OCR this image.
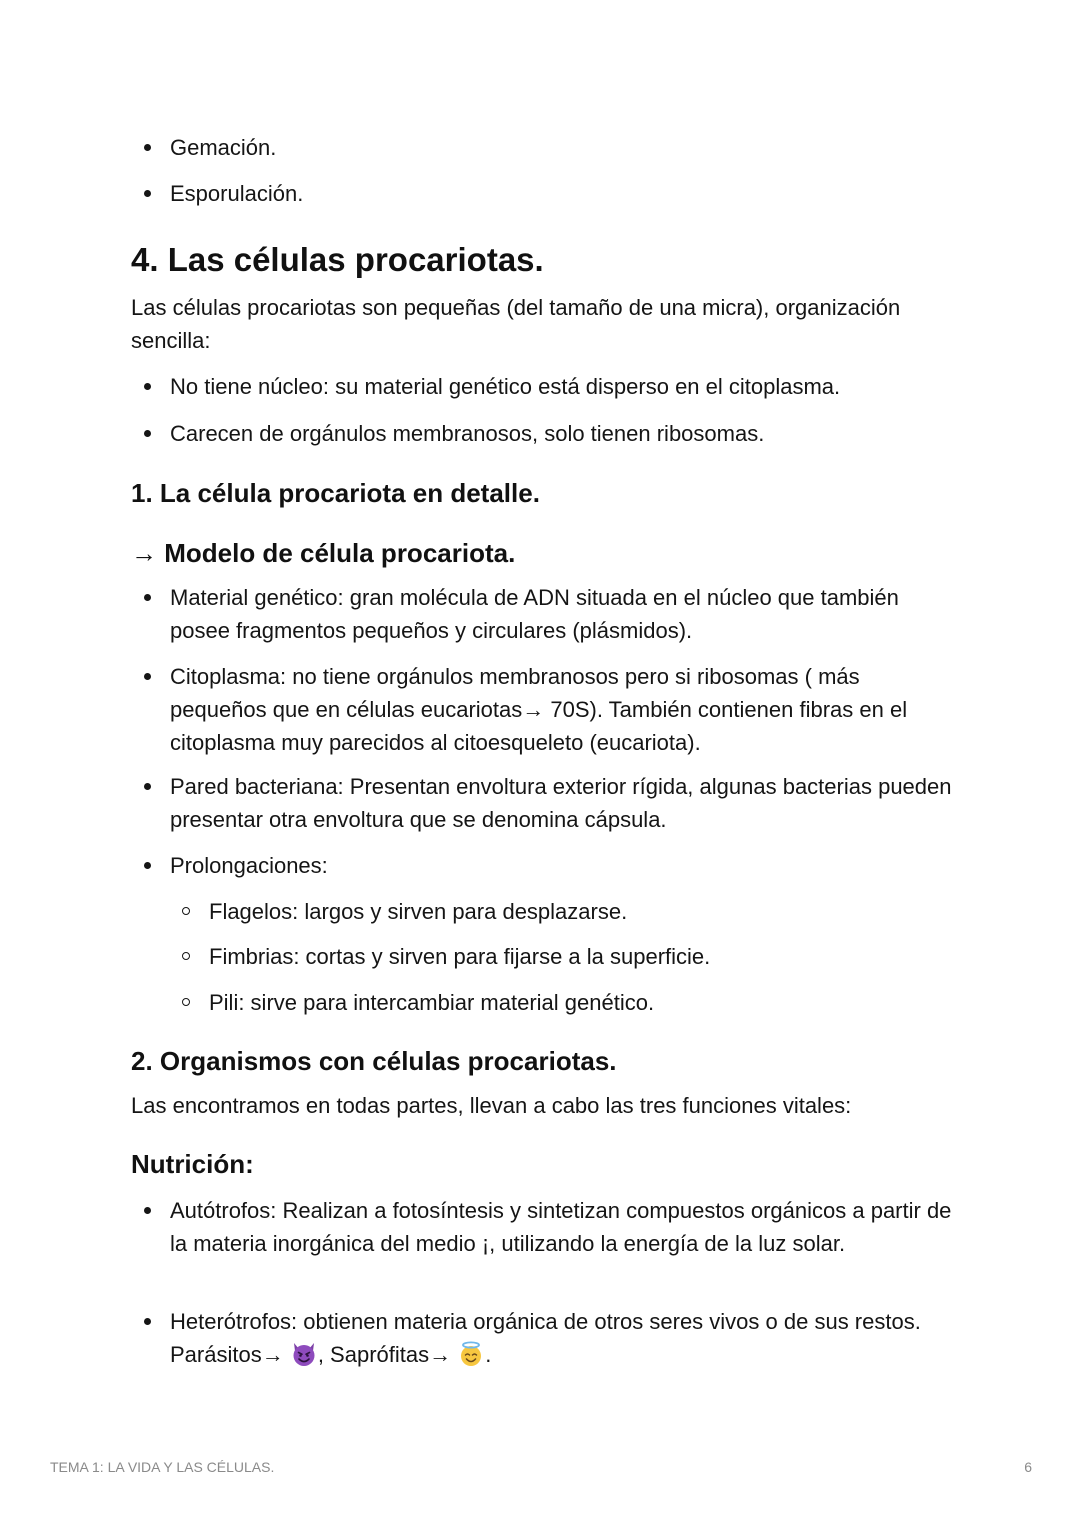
Gemación.

Esporulación.

4. Las células procariotas.

Las células procariotas son pequeñas (del tamaño de una micra), organización sencilla:

No tiene núcleo: su material genético está disperso en el citoplasma.

Carecen de orgánulos membranosos, solo tienen ribosomas.

1. La célula procariota en detalle.
→ Modelo de célula procariota.

Material genético: gran molécula de ADN situada en el núcleo que también posee fragmentos pequeños y circulares (plásmidos).

Citoplasma: no tiene orgánulos membranosos pero si ribosomas ( más pequeños que en células eucariotas→ 70S). También contienen fibras en el citoplasma muy parecidos al citoesqueleto (eucariota).

Pared bacteriana: Presentan envoltura exterior rígida, algunas bacterias pueden presentar otra envoltura que se denomina cápsula.

Prolongaciones:

Flagelos: largos y sirven para desplazarse.

Fimbrias: cortas y sirven para fijarse a la superficie.

Pili: sirve para intercambiar material genético.

2. Organismos con células procariotas.

Las encontramos en todas partes, llevan a cabo las tres funciones vitales:

Nutrición:

Autótrofos: Realizan a fotosíntesis y sintetizan compuestos orgánicos a partir de la materia inorgánica del medio ¡, utilizando la energía de la luz solar.

Heterótrofos: obtienen materia orgánica de otros seres vivos o de sus restos. Parásitos→ , Saprófitas→ .

TEMA 1: LA VIDA Y LAS CÉLULAS.	6
